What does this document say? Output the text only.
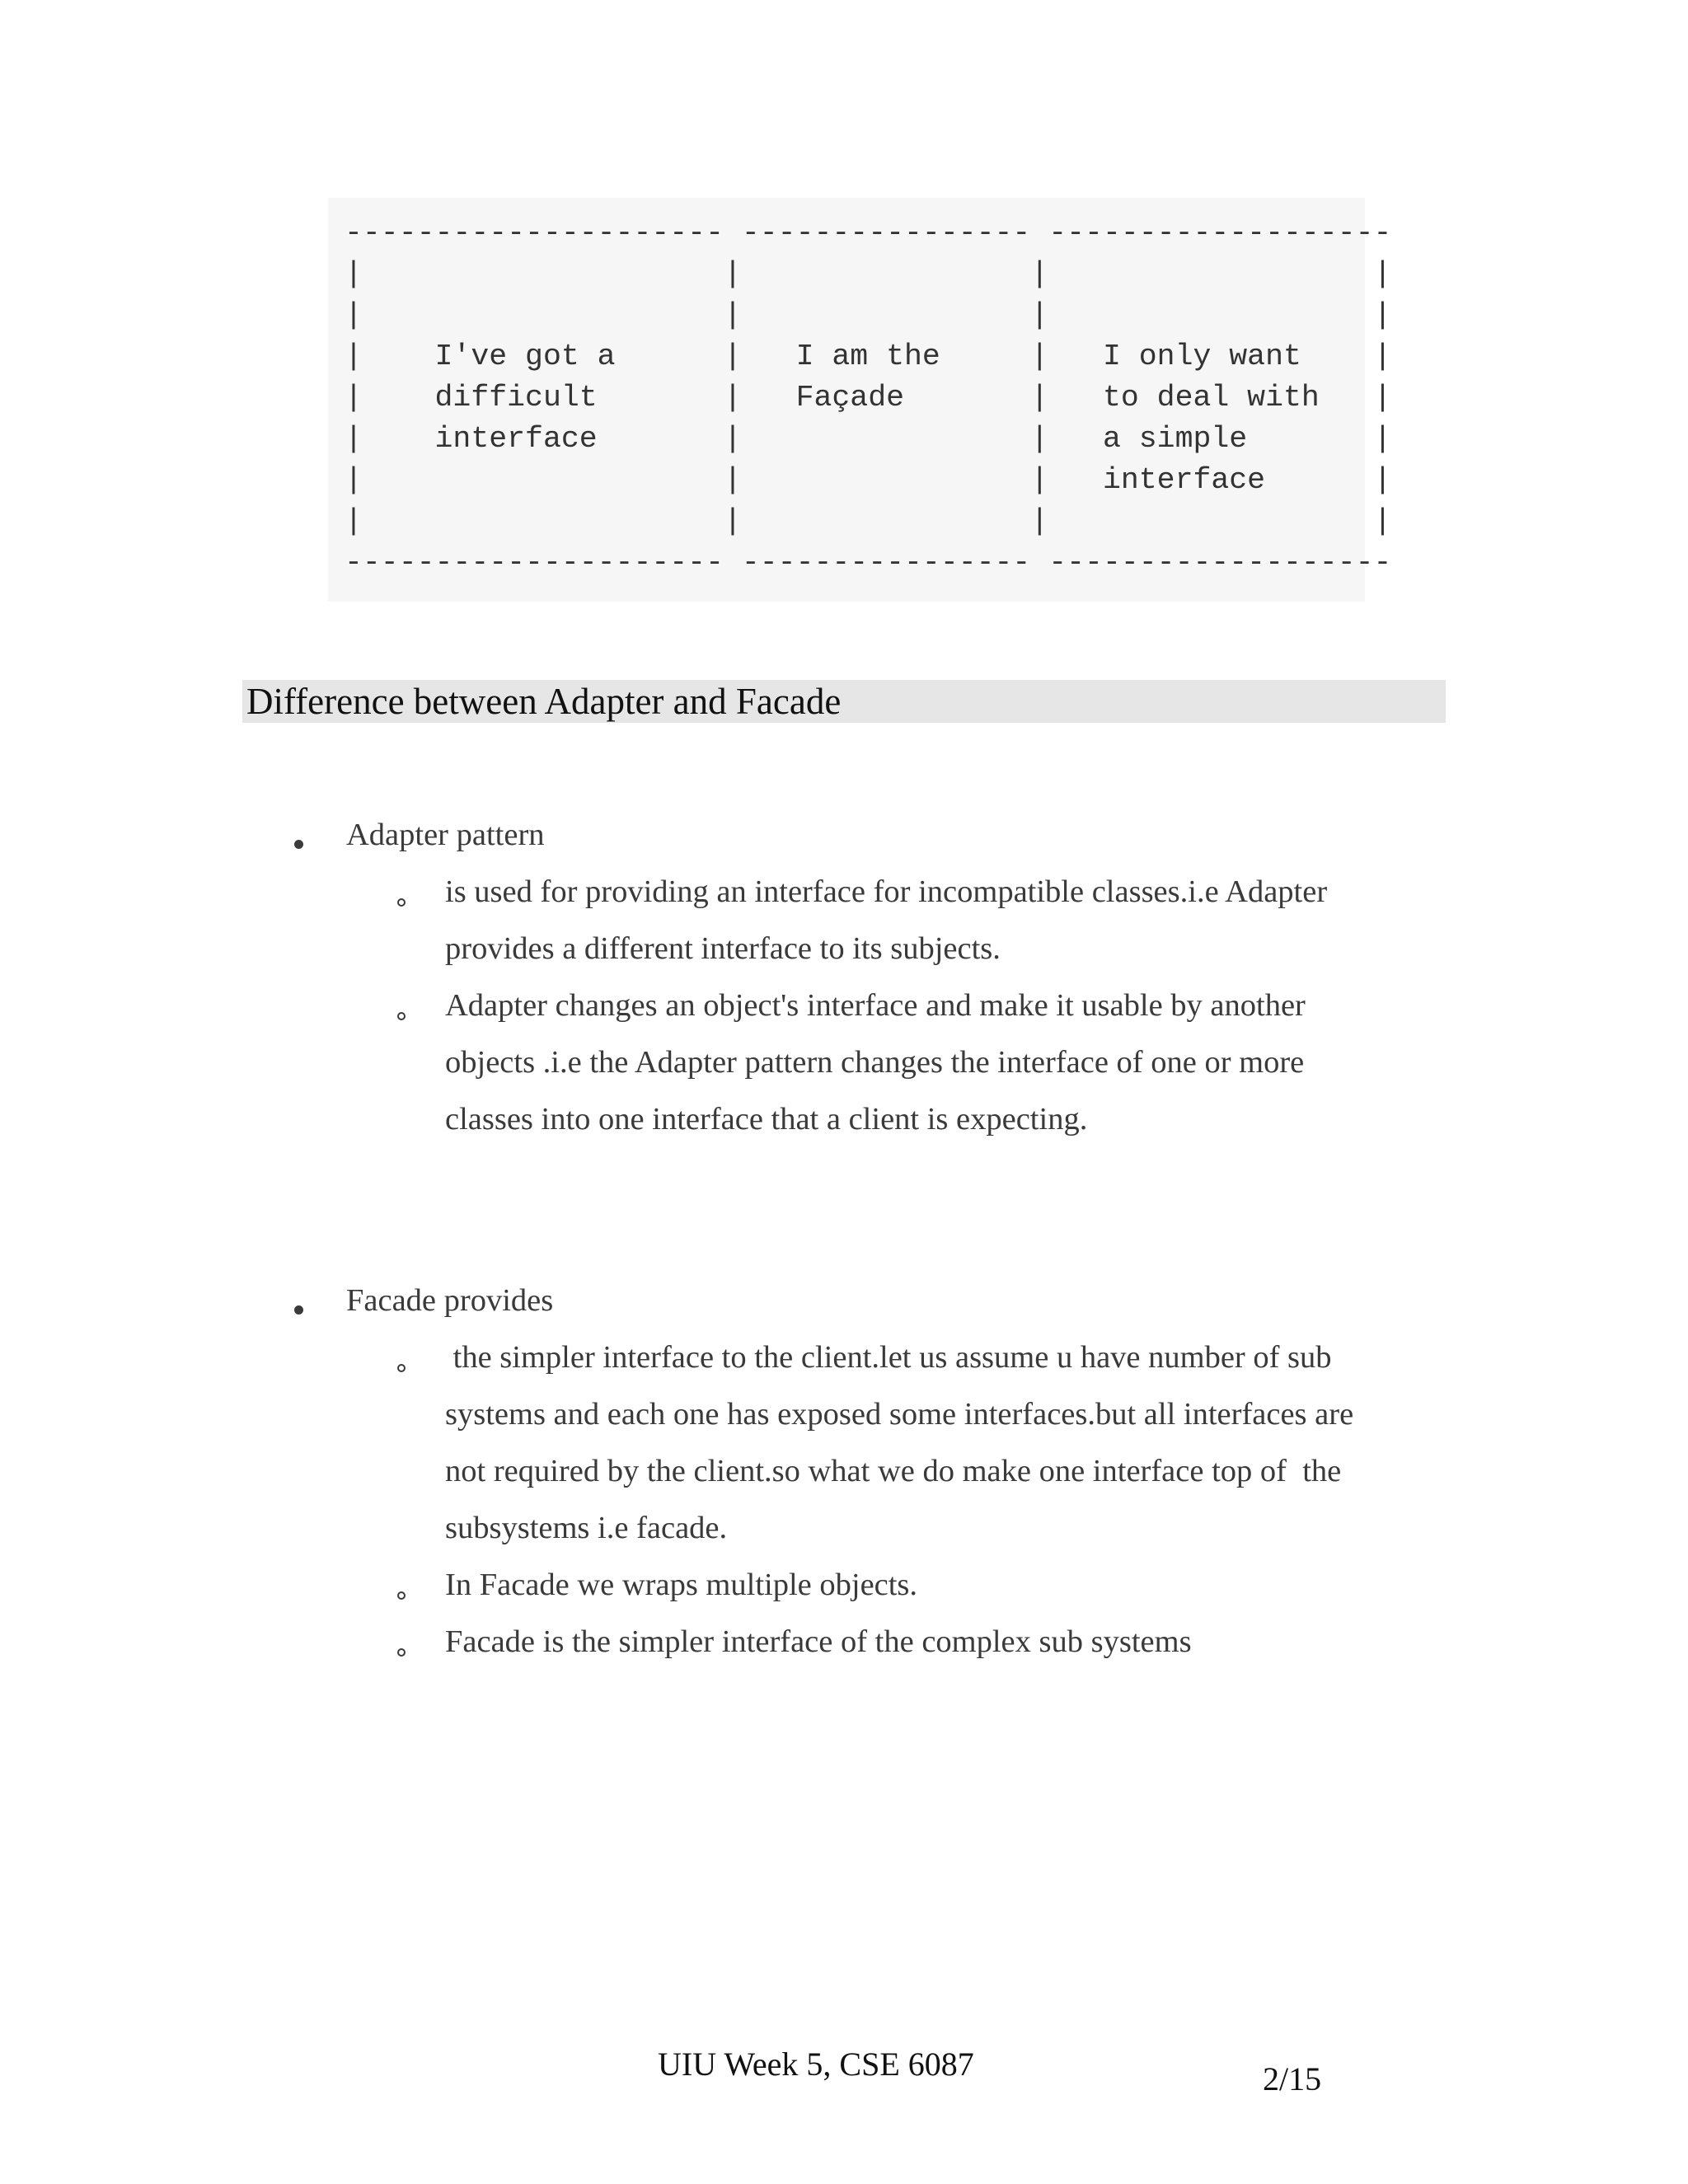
--------------------- ---------------- -------------------
|                    |                |                  |
|                    |                |                  |
|    I've got a      |   I am the     |   I only want    |
|    difficult       |   Façade       |   to deal with   |
|    interface       |                |   a simple       |
|                    |                |   interface      |
|                    |                |                  |
--------------------- ---------------- -------------------
Difference between Adapter and Facade
Adapter pattern
is used for providing an interface for incompatible classes.i.e Adapter
provides a different interface to its subjects.
Adapter changes an object's interface and make it usable by another
objects .i.e the Adapter pattern changes the interface of one or more
classes into one interface that a client is expecting.
Facade provides
the simpler interface to the client.let us assume u have number of sub
systems and each one has exposed some interfaces.but all interfaces are
not required by the client.so what we do make one interface top of  the
subsystems i.e facade.
In Facade we wraps multiple objects.
Facade is the simpler interface of the complex sub systems
UIU Week 5, CSE 6087	2/15
